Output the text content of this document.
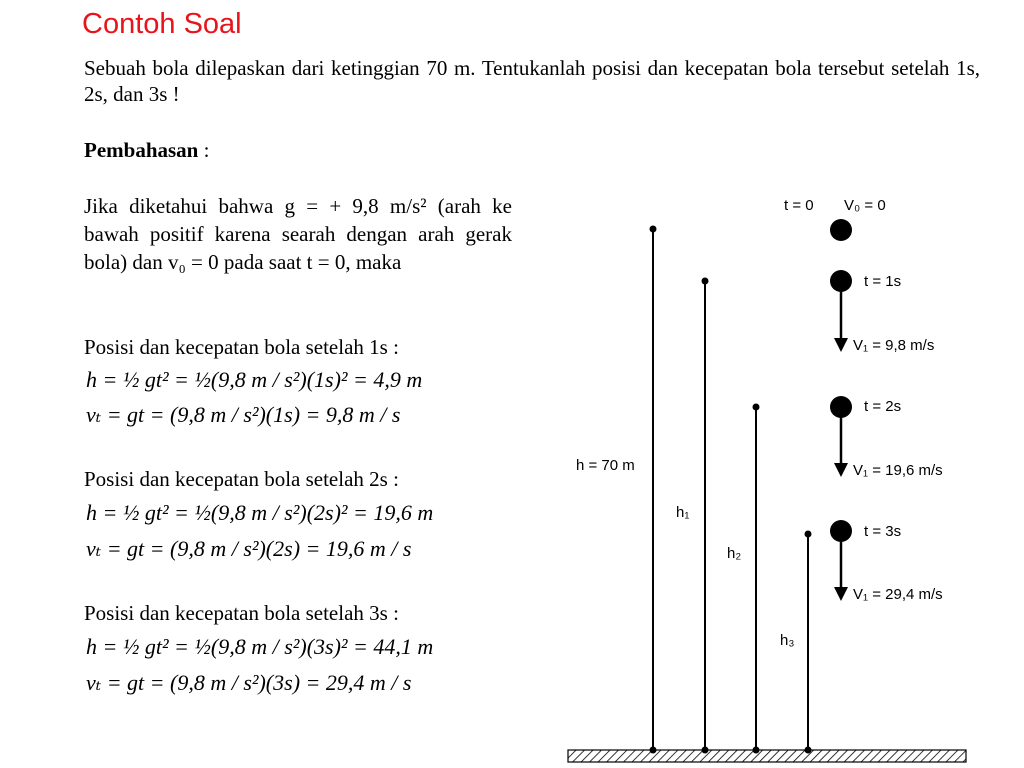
Contoh Soal
Sebuah bola dilepaskan dari ketinggian 70 m. Tentukanlah posisi dan kecepatan bola tersebut setelah 1s, 2s, dan 3s !
Pembahasan :
Jika diketahui bahwa g = + 9,8 m/s² (arah ke bawah positif karena searah dengan arah gerak bola) dan v₀ = 0 pada saat t = 0, maka
Posisi dan kecepatan bola setelah 1s :
h = ½ gt² = ½(9,8 m / s²)(1s)² = 4,9 m
vₜ = gt = (9,8 m / s²)(1s) = 9,8 m / s
Posisi dan kecepatan bola setelah 2s :
h = ½ gt² = ½(9,8 m / s²)(2s)² = 19,6 m
vₜ = gt = (9,8 m / s²)(2s) = 19,6 m / s
Posisi dan kecepatan bola setelah 3s :
h = ½ gt² = ½(9,8 m / s²)(3s)² = 44,1 m
vₜ = gt = (9,8 m / s²)(3s) = 29,4 m / s
h = 70 m
h₁
h₂
h₃
t = 0 V₀ = 0
t = 1s
V₁ = 9,8 m/s
t = 2s
V₁ = 19,6 m/s
t = 3s
V₁ = 29,4 m/s
